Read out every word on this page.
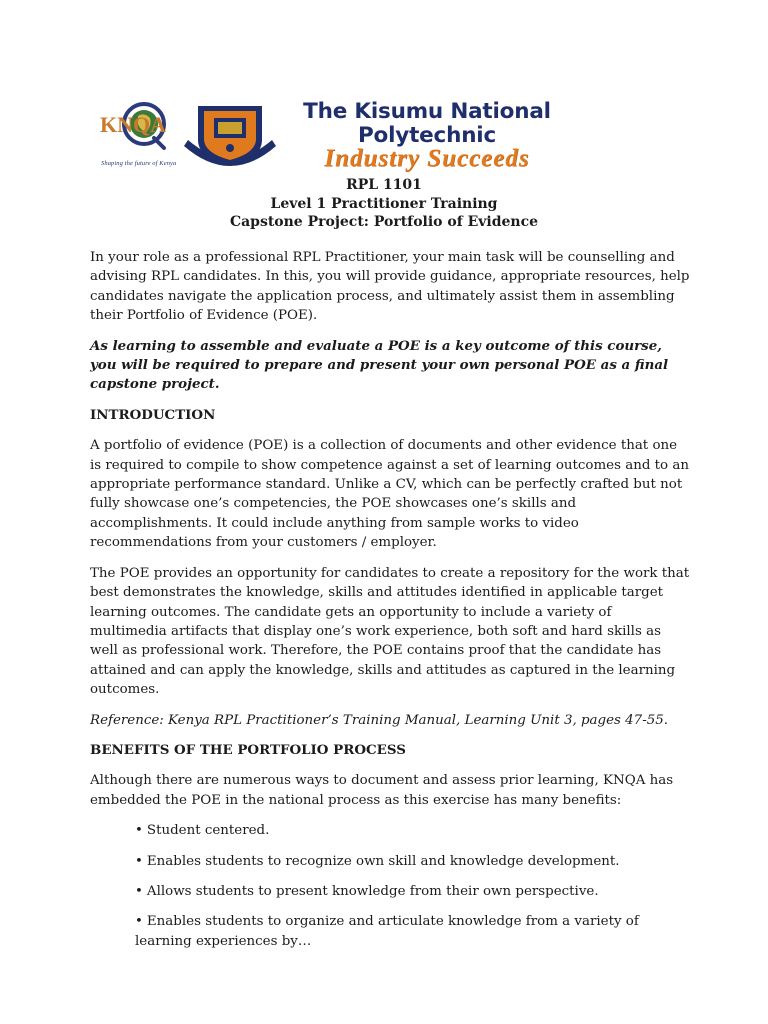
KNQA
Shaping the future of Kenya
INDUSTRY SUCCEEDS
The Kisumu National
Polytechnic
Industry Succeeds
RPL 1101
Level 1 Practitioner Training
Capstone Project: Portfolio of Evidence

In your role as a professional RPL Practitioner, your main task will be counselling and advising RPL candidates. In this, you will provide guidance, appropriate resources, help candidates navigate the application process, and ultimately assist them in assembling their Portfolio of Evidence (POE).

As learning to assemble and evaluate a POE is a key outcome of this course, you will be required to prepare and present your own personal POE as a final capstone project.

INTRODUCTION

A portfolio of evidence (POE) is a collection of documents and other evidence that one is required to compile to show competence against a set of learning outcomes and to an appropriate performance standard. Unlike a CV, which can be perfectly crafted but not fully showcase one’s competencies, the POE showcases one’s skills and accomplishments. It could include anything from sample works to video recommendations from your customers / employer.

The POE provides an opportunity for candidates to create a repository for the work that best demonstrates the knowledge, skills and attitudes identified in applicable target learning outcomes. The candidate gets an opportunity to include a variety of multimedia artifacts that display one’s work experience, both soft and hard skills as well as professional work. Therefore, the POE contains proof that the candidate has attained and can apply the knowledge, skills and attitudes as captured in the learning outcomes.

Reference: Kenya RPL Practitioner’s Training Manual, Learning Unit 3, pages 47-55.

BENEFITS OF THE PORTFOLIO PROCESS

Although there are numerous ways to document and assess prior learning, KNQA has embedded the POE in the national process as this exercise has many benefits:

• Student centered.
• Enables students to recognize own skill and knowledge development.
• Allows students to present knowledge from their own perspective.
• Enables students to organize and articulate knowledge from a variety of learning experiences by…
